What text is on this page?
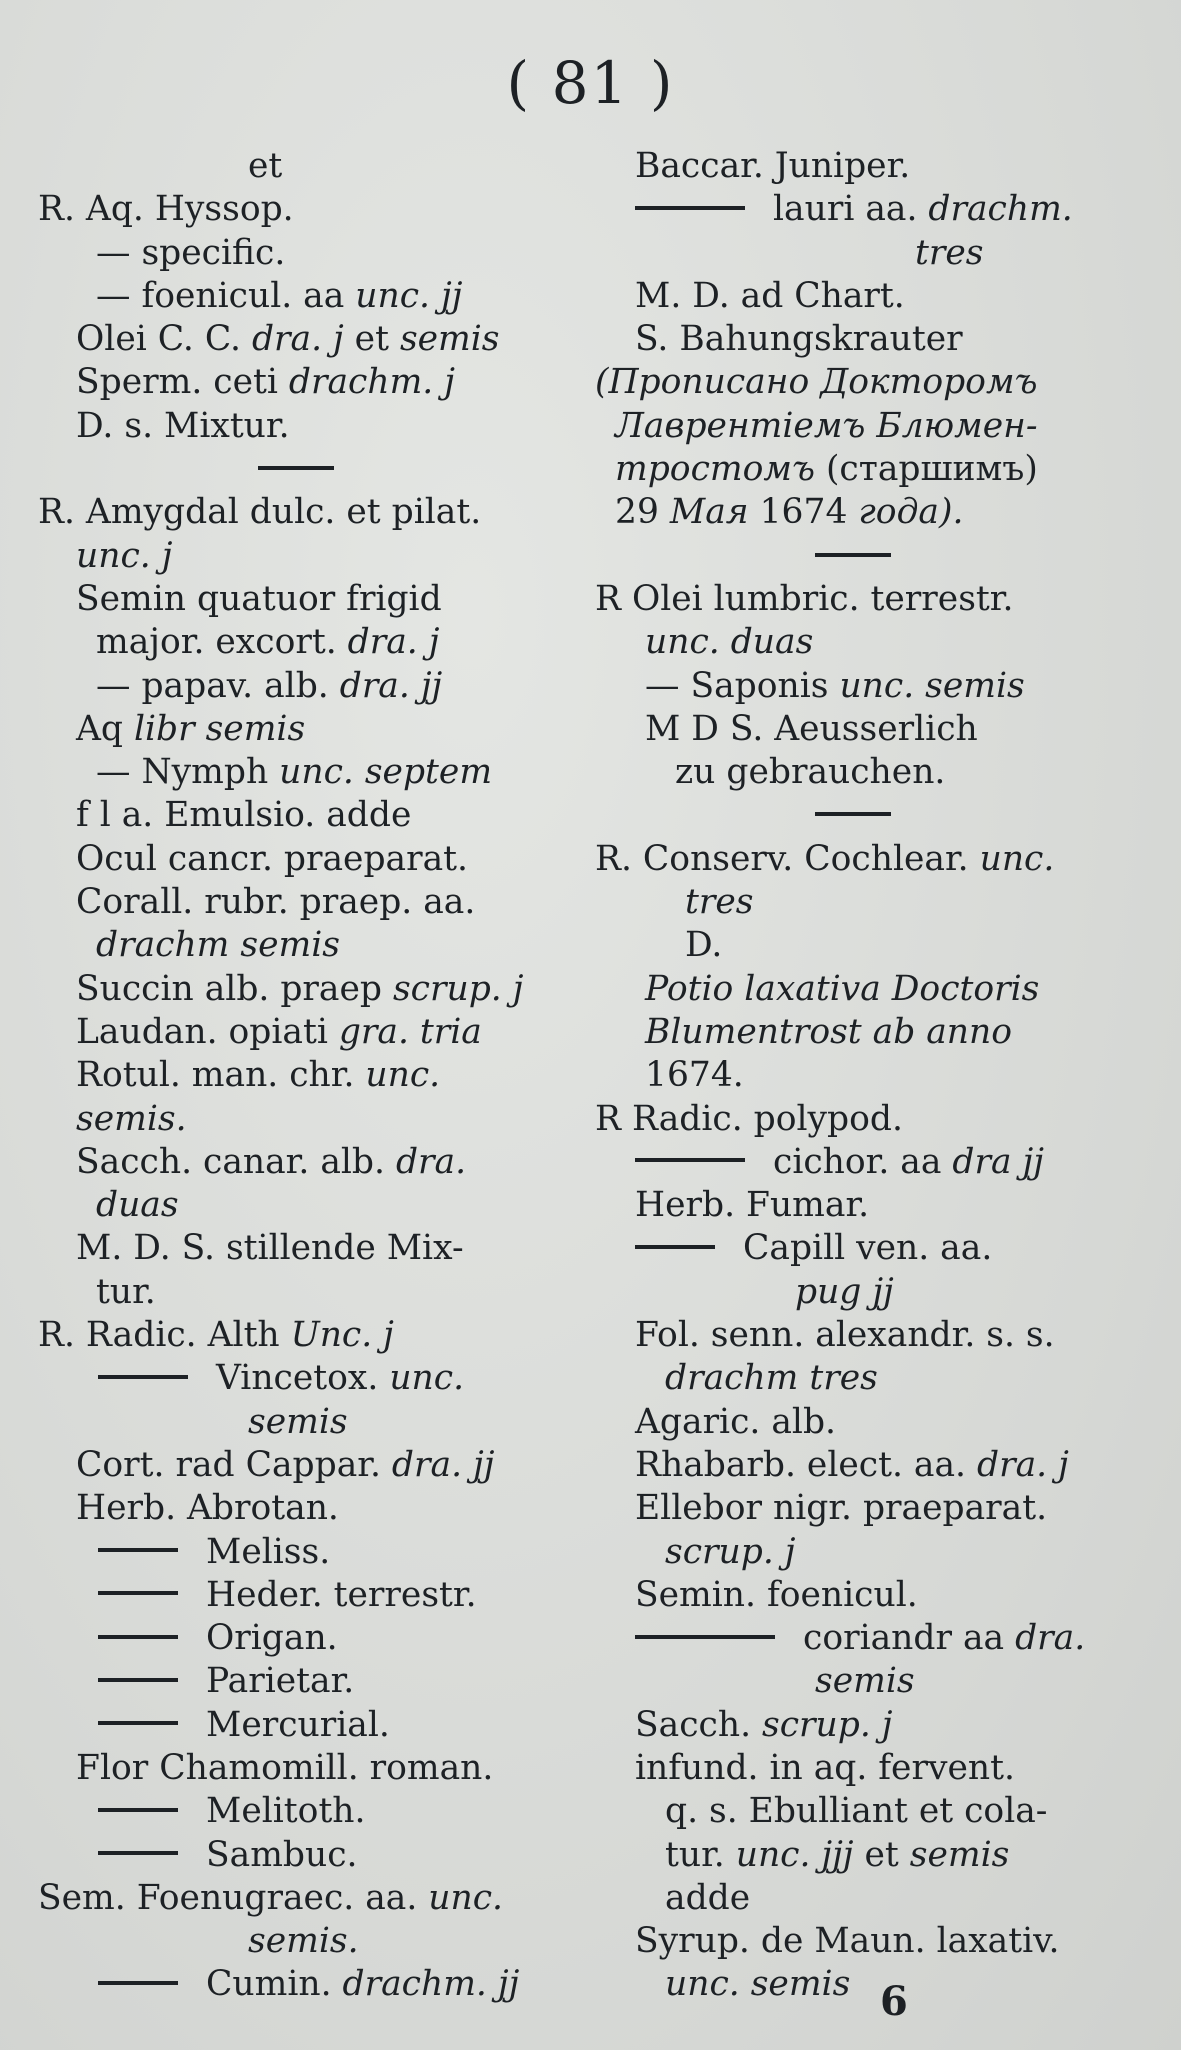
( 81 )
et
R. Aq. Hyssop.
— specific.
— foenicul. aa unc. jj
Olei C. C. dra. j et semis
Sperm. ceti drachm. j
D. s. Mixtur.
R. Amygdal dulc. et pilat.
unc. j
Semin quatuor frigid
major. excort. dra. j
— papav. alb. dra. jj
Aq libr semis
— Nymph unc. septem
f l a. Emulsio. adde
Ocul cancr. praeparat.
Corall. rubr. praep. aa.
drachm semis
Succin alb. praep scrup. j
Laudan. opiati gra. tria
Rotul. man. chr. unc.
semis.
Sacch. canar. alb. dra.
duas
M. D. S. stillende Mix-
tur.
R. Radic. Alth Unc. j
Vincetox. unc.
semis
Cort. rad Cappar. dra. jj
Herb. Abrotan.
Meliss.
Heder. terrestr.
Origan.
Parietar.
Mercurial.
Flor Chamomill. roman.
Melitoth.
Sambuc.
Sem. Foenugraec. aa. unc.
semis.
Cumin. drachm. jj
Baccar. Juniper.
lauri aa. drachm.
tres
M. D. ad Chart.
S. Bahungskrauter
(Прописано Докторомъ
Лаврентіемъ Блюмен-
тростомъ (старшимъ)
29 Мая 1674 года).
R Olei lumbric. terrestr.
unc. duas
— Saponis unc. semis
M D S. Aeusserlich
zu gebrauchen.
R. Conserv. Cochlear. unc.
tres
D.
Potio laxativa Doctoris
Blumentrost ab anno
1674.
R Radic. polypod.
cichor. aa dra jj
Herb. Fumar.
Capill ven. aa.
pug jj
Fol. senn. alexandr. s. s.
drachm tres
Agaric. alb.
Rhabarb. elect. aa. dra. j
Ellebor nigr. praeparat.
scrup. j
Semin. foenicul.
coriandr aa dra.
semis
Sacch. scrup. j
infund. in aq. fervent.
q. s. Ebulliant et cola-
tur. unc. jjj et semis
adde
Syrup. de Maun. laxativ.
unc. semis 6
